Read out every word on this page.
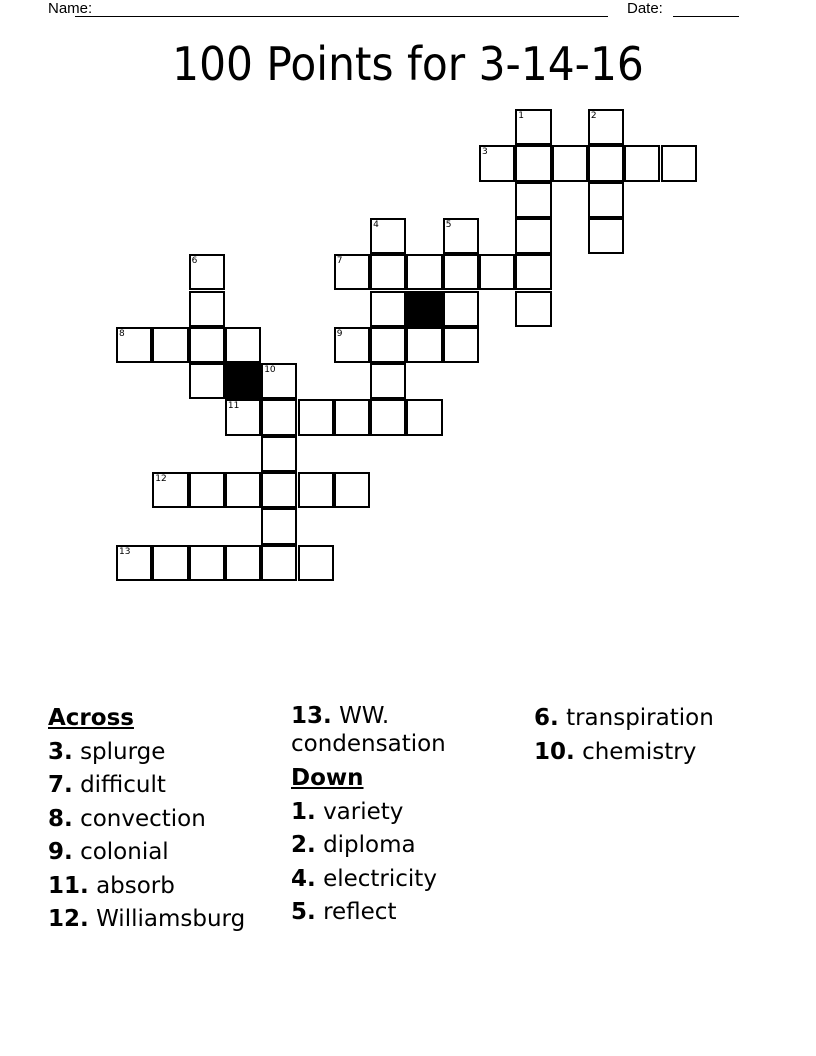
Name:	Date:
100 Points for 3-14-16
1	2
3
4	5
6	7
8	9
10
11
12
13
Across
3. splurge
7. difficult
8. convection
9. colonial
11. absorb
12. Williamsburg
13. WW. condensation
Down
1. variety
2. diploma
4. electricity
5. reflect
6. transpiration
10. chemistry
